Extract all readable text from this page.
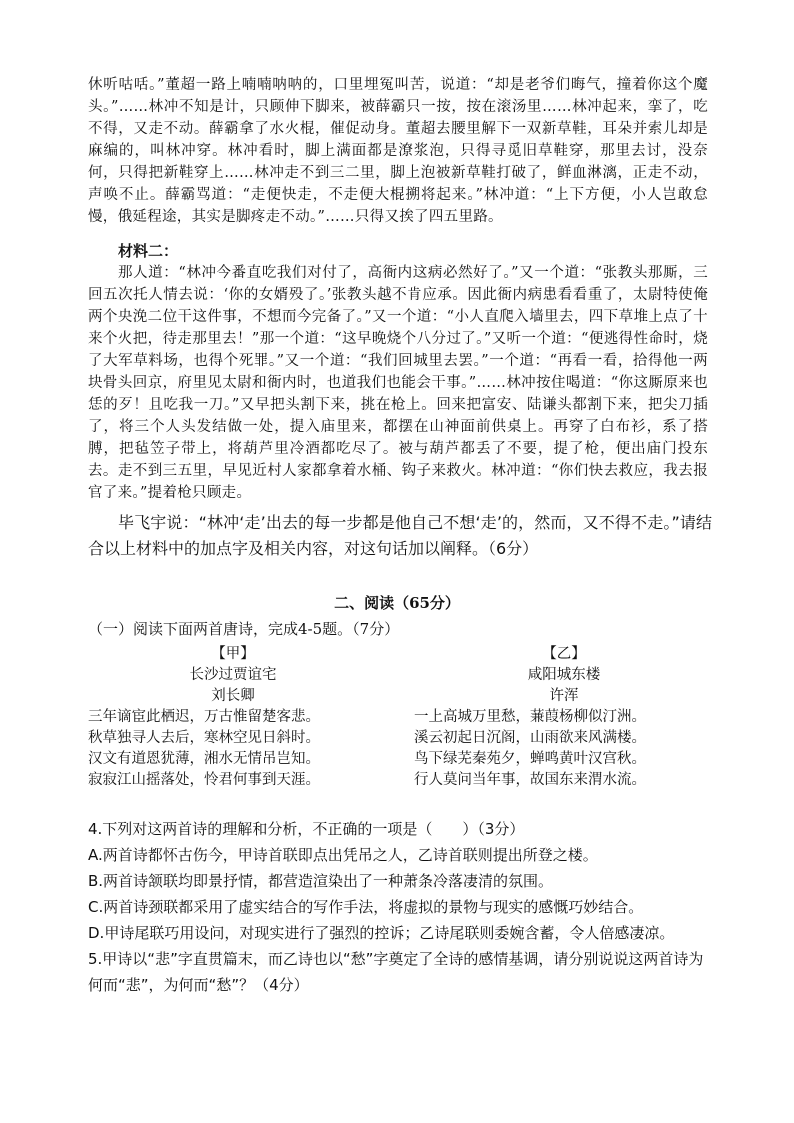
休听咕咶。”董超一路上喃喃呐呐的，口里埋冤叫苦，说道：“却是老爷们晦气，撞着你这个魔头。”……林冲不知是计，只顾伸下脚来，被薛霸只一按，按在滚汤里……林冲起来，挛了，吃不得，又走不动。薛霸拿了水火棍，催促动身。董超去腰里解下一双新草鞋，耳朵并索儿却是麻编的，叫林冲穿。林冲看时，脚上满面都是潦浆泡，只得寻觅旧草鞋穿，那里去讨，没奈何，只得把新鞋穿上……林冲走不到三二里，脚上泡被新草鞋打破了，鲜血淋漓，正走不动，声唤不止。薛霸骂道：“走便快走，不走便大棍搠将起来。”林冲道：“上下方便，小人岂敢怠慢，俄延程途，其实是脚疼走不动。”……只得又挨了四五里路。

材料二：

那人道：“林冲今番直吃我们对付了，高衙内这病必然好了。”又一个道：“张教头那厮，三回五次托人情去说：‘你的女婿殁了。’张教头越不肯应承。因此衙内病患看看重了，太尉特使俺两个央浼二位干这件事，不想而今完备了。”又一个道：“小人直爬入墙里去，四下草堆上点了十来个火把，待走那里去！”那一个道：“这早晚烧个八分过了。”又听一个道：“便逃得性命时，烧了大军草料场，也得个死罪。”又一个道：“我们回城里去罢。”一个道：“再看一看，拾得他一两块骨头回京，府里见太尉和衙内时，也道我们也能会干事。”……林冲按住喝道：“你这厮原来也恁的歹！且吃我一刀。”又早把头割下来，挑在枪上。回来把富安、陆谦头都割下来，把尖刀插了，将三个人头发结做一处，提入庙里来，都摆在山神面前供桌上。再穿了白布衫，系了搭膊，把毡笠子带上，将葫芦里冷酒都吃尽了。被与葫芦都丢了不要，提了枪，便出庙门投东去。走不到三五里，早见近村人家都拿着水桶、钩子来救火。林冲道：“你们快去救应，我去报官了来。”提着枪只顾走。

毕飞宇说：“林冲‘走’出去的每一步都是他自己不想‘走’的，然而，又不得不走。”请结合以上材料中的加点字及相关内容，对这句话加以阐释。（6分）

二、阅读（65分）

（一）阅读下面两首唐诗，完成4-5题。（7分）

【甲】
长沙过贾谊宅
刘长卿
三年谪宦此栖迟，万古惟留楚客悲。
秋草独寻人去后，寒林空见日斜时。
汉文有道恩犹薄，湘水无情吊岂知。
寂寂江山摇落处，怜君何事到天涯。
【乙】
咸阳城东楼
许浑
一上高城万里愁，蒹葭杨柳似汀洲。
溪云初起日沉阁，山雨欲来风满楼。
鸟下绿芜秦苑夕，蝉鸣黄叶汉宫秋。
行人莫问当年事，故国东来渭水流。

4.下列对这两首诗的理解和分析，不正确的一项是（　　）（3分）

A.两首诗都怀古伤今，甲诗首联即点出凭吊之人，乙诗首联则提出所登之楼。

B.两首诗颔联均即景抒情，都营造渲染出了一种萧条冷落凄清的氛围。

C.两首诗颈联都采用了虚实结合的写作手法，将虚拟的景物与现实的感慨巧妙结合。

D.甲诗尾联巧用设问，对现实进行了强烈的控诉；乙诗尾联则委婉含蓄，令人倍感凄凉。

5.甲诗以“悲”字直贯篇末，而乙诗也以“愁”字奠定了全诗的感情基调，请分别说说这两首诗为何而“悲”，为何而“愁”？（4分）
